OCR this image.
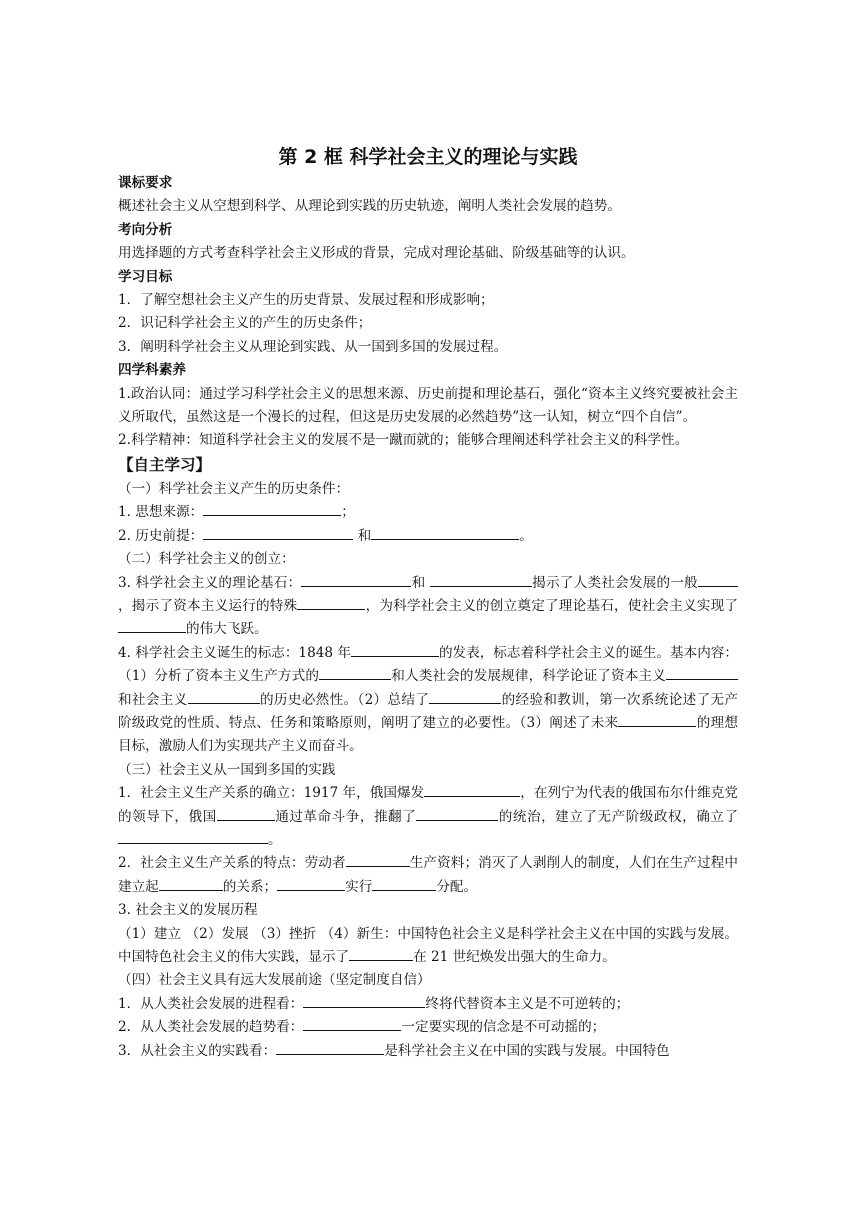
第 2 框 科学社会主义的理论与实践
课标要求
概述社会主义从空想到科学、从理论到实践的历史轨迹，阐明人类社会发展的趋势。
考向分析
用选择题的方式考查科学社会主义形成的背景，完成对理论基础、阶级基础等的认识。
学习目标
1．了解空想社会主义产生的历史背景、发展过程和形成影响；
2．识记科学社会主义的产生的历史条件；
3．阐明科学社会主义从理论到实践、从一国到多国的发展过程。
四学科素养
1.政治认同：通过学习科学社会主义的思想来源、历史前提和理论基石，强化“资本主义终究要被社会主义所取代，虽然这是一个漫长的过程，但这是历史发展的必然趋势”这一认知，树立“四个自信”。
2.科学精神：知道科学社会主义的发展不是一蹴而就的；能够合理阐述科学社会主义的科学性。
【自主学习】
（一）科学社会主义产生的历史条件：
1. 思想来源：	；
2. 历史前提：	和	。
（二）科学社会主义的创立：
3. 科学社会主义的理论基石：	和	揭示了人类社会发展的一般，揭示了资本主义运行的特殊	，为科学社会主义的创立奠定了理论基石，使社会主义实现了的伟大飞跃。
4. 科学社会主义诞生的标志：1848 年	的发表，标志着科学社会主义的诞生。基本内容：（1）分析了资本主义生产方式的	和人类社会的发展规律，科学论证了资本主义和社会主义	的历史必然性。（2）总结了	的经验和教训，第一次系统论述了无产阶级政党的性质、特点、任务和策略原则，阐明了建立的必要性。（3）阐述了未来	的理想目标，激励人们为实现共产主义而奋斗。
（三）社会主义从一国到多国的实践
1．社会主义生产关系的确立：1917 年，俄国爆发	，在列宁为代表的俄国布尔什维克党的领导下，俄国	通过革命斗争，推翻了	的统治，建立了无产阶级政权，确立了。
2．社会主义生产关系的特点：劳动者	生产资料；消灭了人剥削人的制度，人们在生产过程中建立起	的关系；	实行	分配。
3. 社会主义的发展历程
（1）建立 （2）发展 （3）挫折 （4）新生：中国特色社会主义是科学社会主义在中国的实践与发展。中国特色社会主义的伟大实践，显示了	在 21 世纪焕发出强大的生命力。
（四）社会主义具有远大发展前途（坚定制度自信）
1．从人类社会发展的进程看：	终将代替资本主义是不可逆转的；
2．从人类社会发展的趋势看：	一定要实现的信念是不可动摇的；
3．从社会主义的实践看：	是科学社会主义在中国的实践与发展。中国特色
